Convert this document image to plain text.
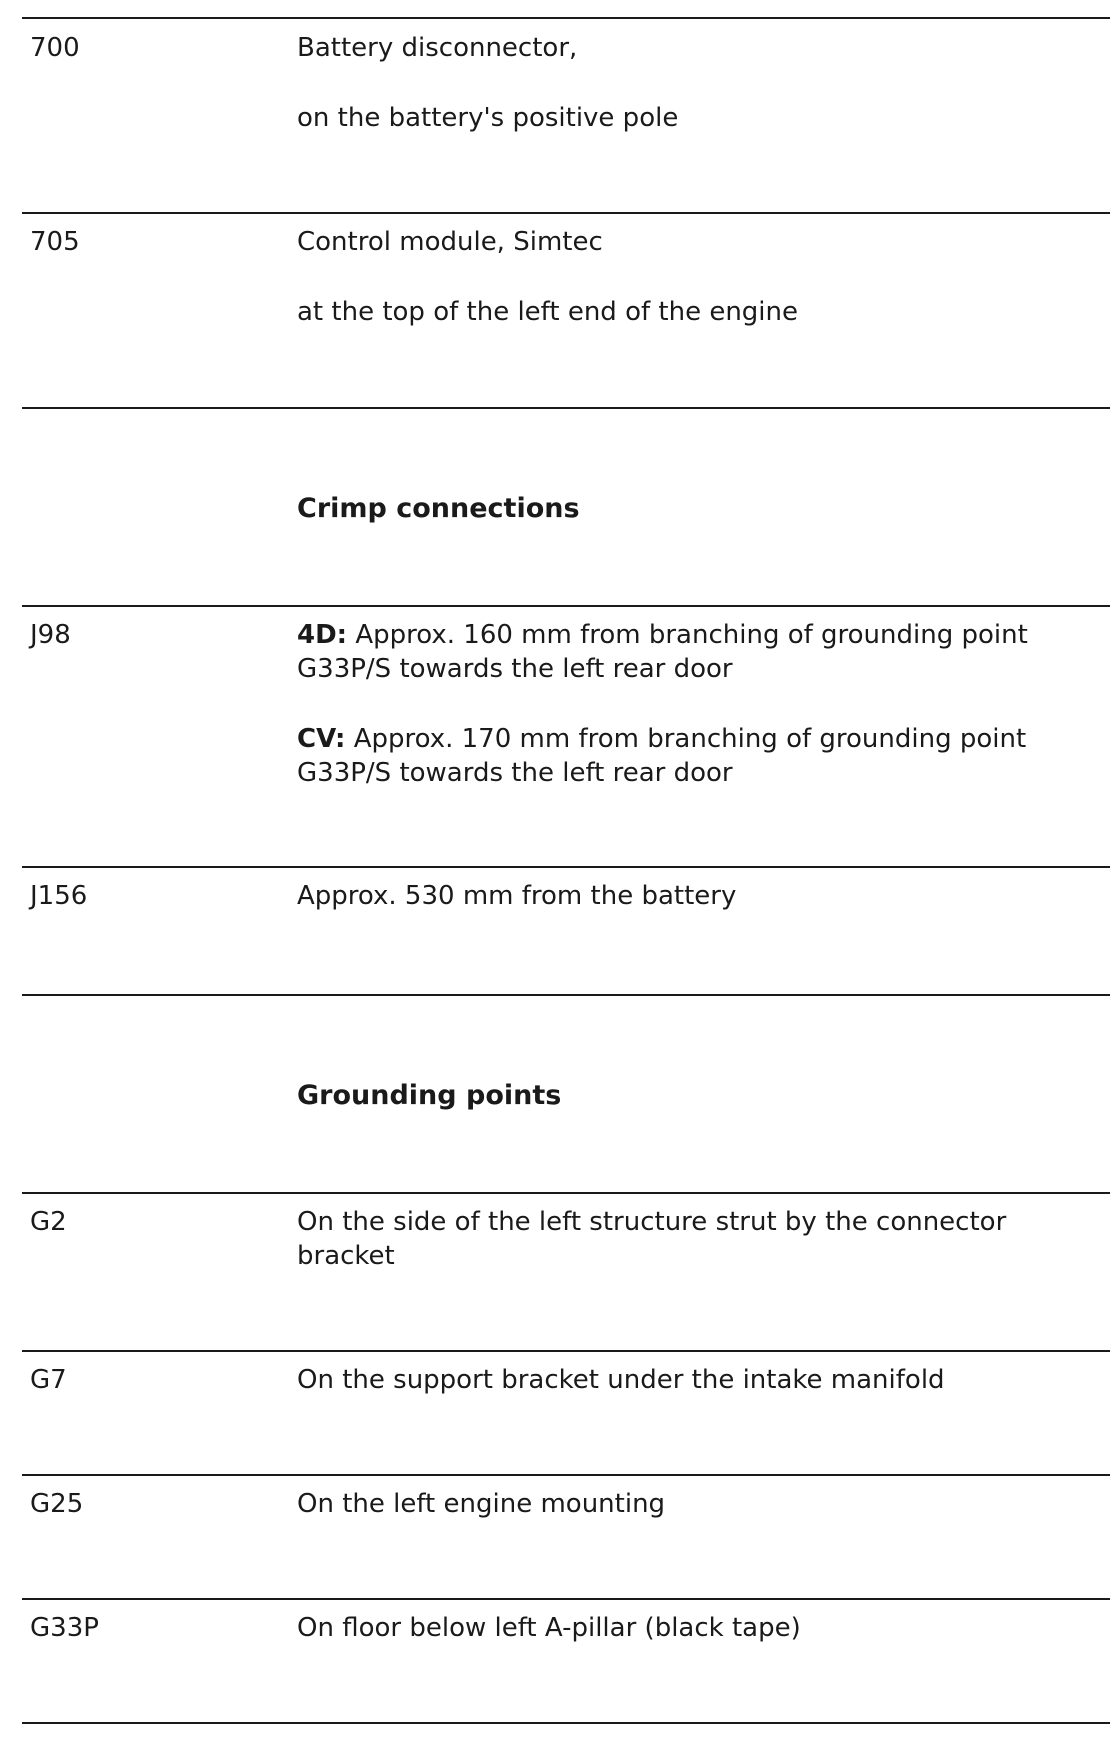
700	Battery disconnector,
on the battery's positive pole
705	Control module, Simtec
at the top of the left end of the engine
Crimp connections
J98	4D: Approx. 160 mm from branching of grounding point
G33P/S towards the left rear door
CV: Approx. 170 mm from branching of grounding point
G33P/S towards the left rear door
J156	Approx. 530 mm from the battery
Grounding points
G2	On the side of the left structure strut by the connector
bracket
G7	On the support bracket under the intake manifold
G25	On the left engine mounting
G33P	On floor below left A-pillar (black tape)
